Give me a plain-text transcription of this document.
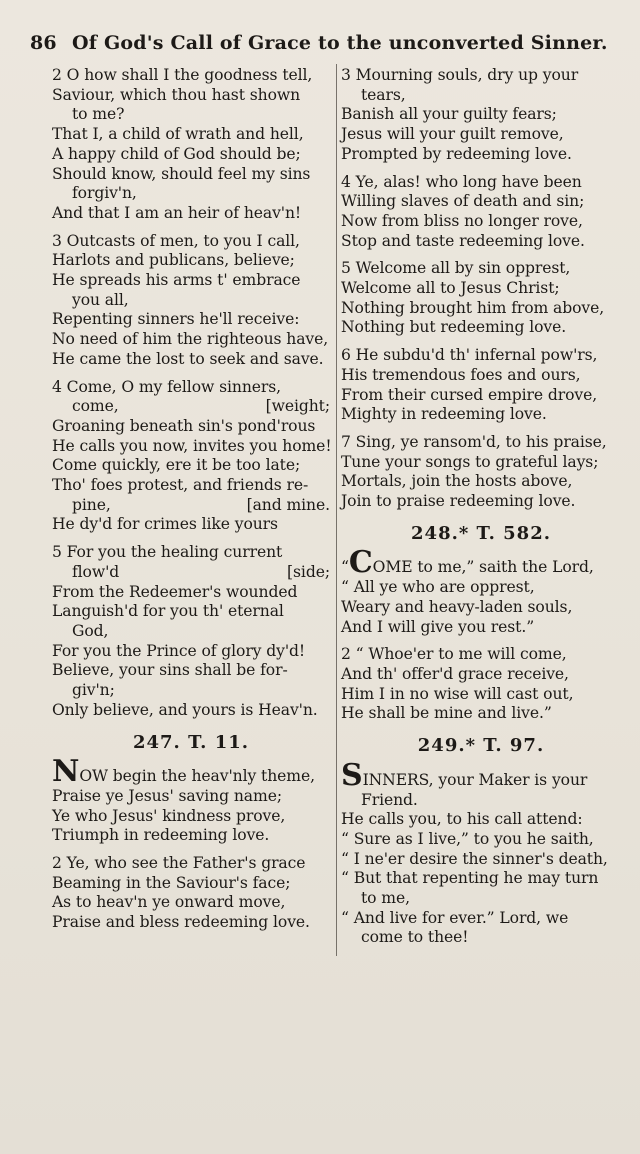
86 Of God's Call of Grace to the unconverted Sinner.
2 O how shall I the goodness tell,
Saviour, which thou hast shown
to me?
That I, a child of wrath and hell,
A happy child of God should be;
Should know, should feel my sins
forgiv'n,
And that I am an heir of heav'n!
3 Outcasts of men, to you I call,
Harlots and publicans, believe;
He spreads his arms t' embrace
you all,
Repenting sinners he'll receive:
No need of him the righteous have,
He came the lost to seek and save.
4 Come, O my fellow sinners,
come,	[weight;
Groaning beneath sin's pond'rous
He calls you now, invites you home!
Come quickly, ere it be too late;
Tho' foes protest, and friends re-
pine,	[and mine.
He dy'd for crimes like yours
5 For you the healing current
flow'd	[side;
From the Redeemer's wounded
Languish'd for you th' eternal
God,
For you the Prince of glory dy'd!
Believe, your sins shall be for-
giv'n;
Only believe, and yours is Heav'n.
247. T. 11.
NOW begin the heav'nly theme,
Praise ye Jesus' saving name;
Ye who Jesus' kindness prove,
Triumph in redeeming love.
2 Ye, who see the Father's grace
Beaming in the Saviour's face;
As to heav'n ye onward move,
Praise and bless redeeming love.
3 Mourning souls, dry up your
tears,
Banish all your guilty fears;
Jesus will your guilt remove,
Prompted by redeeming love.
4 Ye, alas! who long have been
Willing slaves of death and sin;
Now from bliss no longer rove,
Stop and taste redeeming love.
5 Welcome all by sin opprest,
Welcome all to Jesus Christ;
Nothing brought him from above,
Nothing but redeeming love.
6 He subdu'd th' infernal pow'rs,
His tremendous foes and ours,
From their cursed empire drove,
Mighty in redeeming love.
7 Sing, ye ransom'd, to his praise,
Tune your songs to grateful lays;
Mortals, join the hosts above,
Join to praise redeeming love.
248.* T. 582.
“COME to me,” saith the Lord,
“ All ye who are opprest,
Weary and heavy-laden souls,
And I will give you rest.”
2 “ Whoe'er to me will come,
And th' offer'd grace receive,
Him I in no wise will cast out,
He shall be mine and live.”
249.* T. 97.
SINNERS, your Maker is your
Friend.
He calls you, to his call attend:
“ Sure as I live,” to you he saith,
“ I ne'er desire the sinner's death,
“ But that repenting he may turn
to me,
“ And live for ever.” Lord, we
come to thee!
